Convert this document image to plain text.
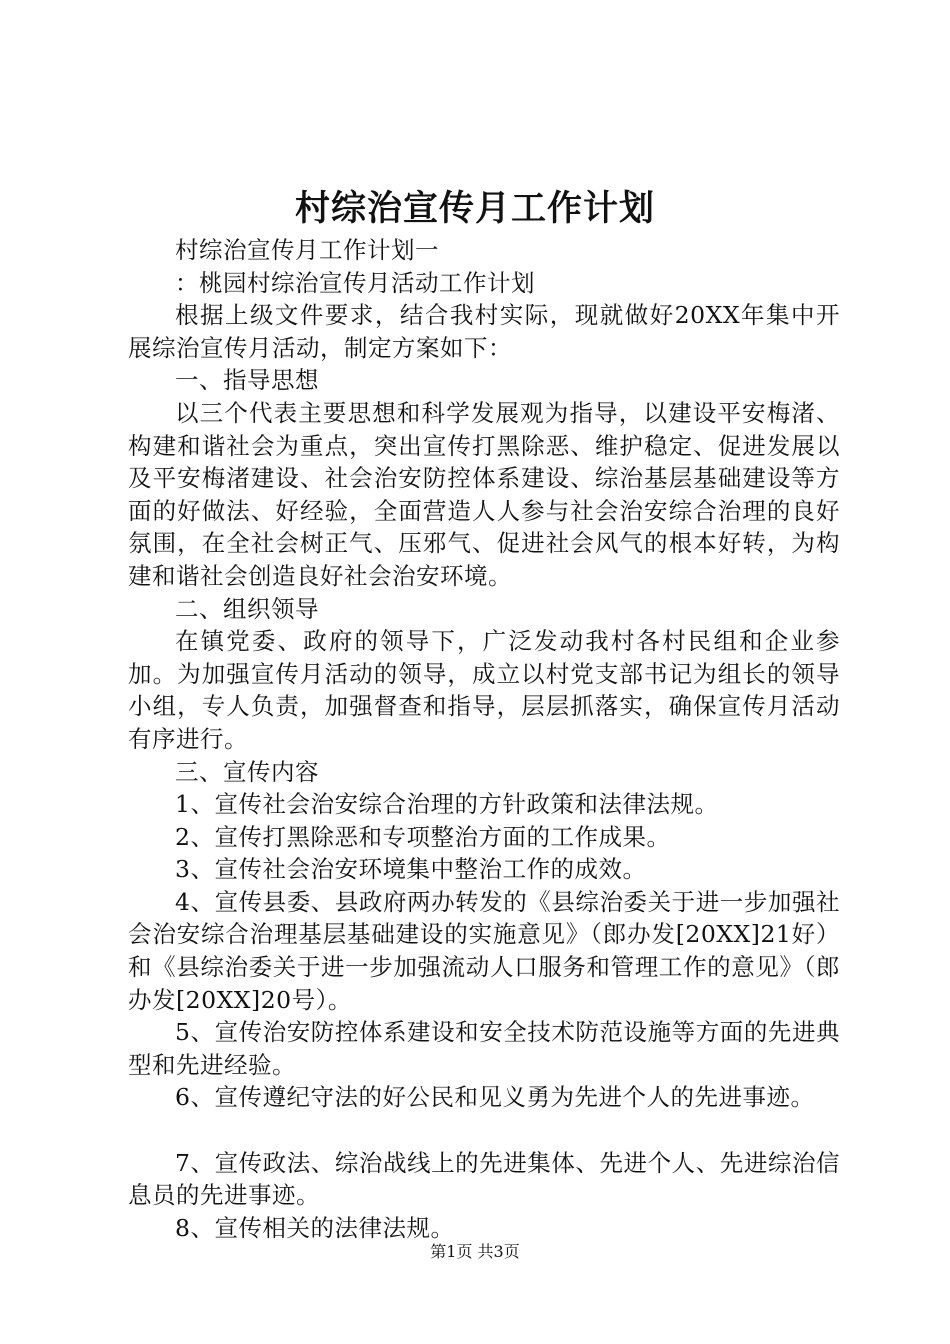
村综治宣传月工作计划

村综治宣传月工作计划一

：桃园村综治宣传月活动工作计划

根据上级文件要求，结合我村实际，现就做好20XX年集中开展综治宣传月活动，制定方案如下：

一、指导思想

以三个代表主要思想和科学发展观为指导，以建设平安梅渚、构建和谐社会为重点，突出宣传打黑除恶、维护稳定、促进发展以及平安梅渚建设、社会治安防控体系建设、综治基层基础建设等方面的好做法、好经验，全面营造人人参与社会治安综合治理的良好氛围，在全社会树正气、压邪气、促进社会风气的根本好转，为构建和谐社会创造良好社会治安环境。

二、组织领导

在镇党委、政府的领导下，广泛发动我村各村民组和企业参加。为加强宣传月活动的领导，成立以村党支部书记为组长的领导小组，专人负责，加强督查和指导，层层抓落实，确保宣传月活动有序进行。

三、宣传内容

1、宣传社会治安综合治理的方针政策和法律法规。

2、宣传打黑除恶和专项整治方面的工作成果。

3、宣传社会治安环境集中整治工作的成效。

4、宣传县委、县政府两办转发的《县综治委关于进一步加强社会治安综合治理基层基础建设的实施意见》（郎办发[20XX]21好）和《县综治委关于进一步加强流动人口服务和管理工作的意见》（郎办发[20XX]20号）。

5、宣传治安防控体系建设和安全技术防范设施等方面的先进典型和先进经验。

6、宣传遵纪守法的好公民和见义勇为先进个人的先进事迹。

7、宣传政法、综治战线上的先进集体、先进个人、先进综治信息员的先进事迹。

8、宣传相关的法律法规。

第1页 共3页
